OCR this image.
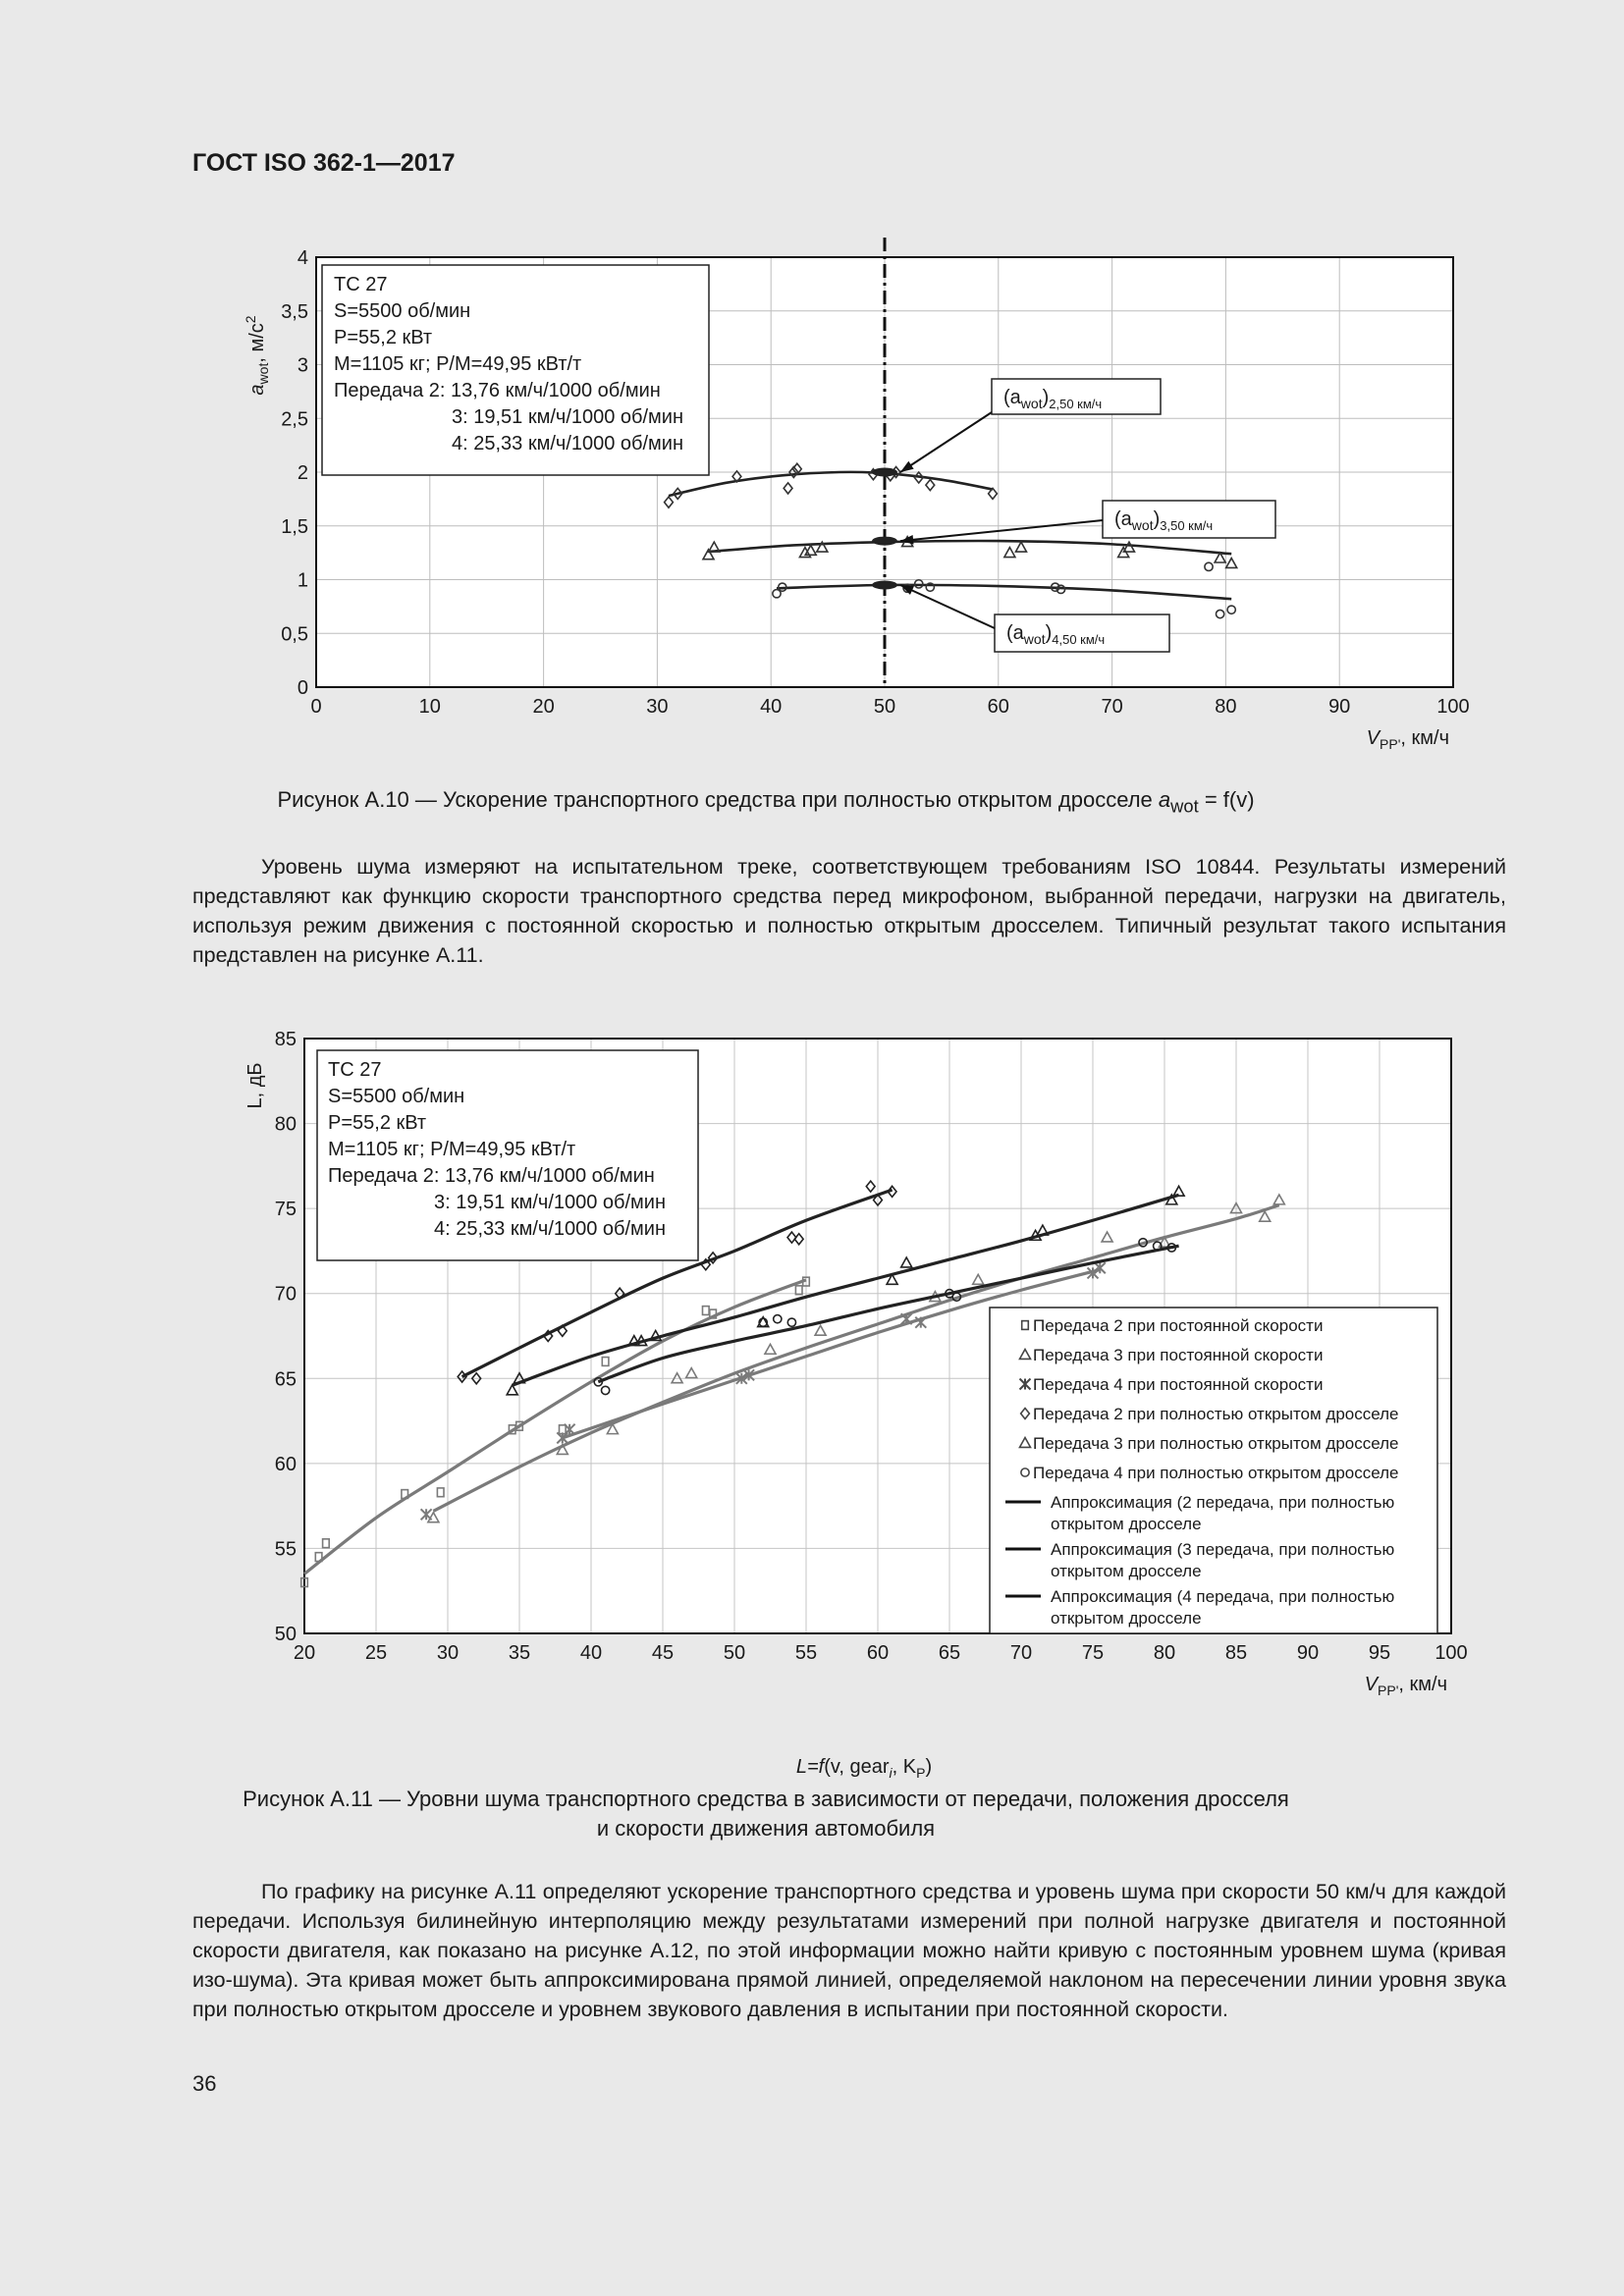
ГОСТ ISO 362-1—2017
0	10	20	30	40	50	60	70	80	90	100
0
0,5
1
1,5
2
2,5
3
3,5
4
$V_{PP'}$, км/ч
$a_{wot}$, $м/с^2$
ТС 27
S=5500 об/мин
P=55,2 кВт
M=1105 кг; P/M=49,95 кВт/т
Передача 2: 13,76 км/ч/1000 об/мин
3: 19,51 км/ч/1000 об/мин
4: 25,33 км/ч/1000 об/мин
$(a_{wot})_{2,50 км/ч}$
$(a_{wot})_{3,50 км/ч}$
$(a_{wot})_{4,50 км/ч}$
Рисунок А.10 — Ускорение транспортного средства при полностью открытом дросселе $a_{wot} = f(v)$
Уровень шума измеряют на испытательном треке, соответствующем требованиям ISO 10844. Результаты измерений представляют как функцию скорости транспортного средства перед микрофоном, выбранной передачи, нагрузки на двигатель, используя режим движения с постоянной скоростью и полностью открытым дросселем. Типичный результат такого испытания представлен на рисунке А.11.
20	25	30	35	40	45	50	55	60	65	70	75	80	85	90	95 100
50
55
60
65
70
75
80
85
$V_{PP'}$, км/ч
L, дБ
L=f(v, gear$_i$, $K_P$)
ТС 27
S=5500 об/мин
P=55,2 кВт
M=1105 кг; P/M=49,95 кВт/т
Передача 2: 13,76 км/ч/1000 об/мин
3: 19,51 км/ч/1000 об/мин
4: 25,33 км/ч/1000 об/мин
Передача 2 при постоянной скорости
Передача 3 при постоянной скорости
Передача 4 при постоянной скорости
Передача 2 при полностью открытом дросселе
Передача 3 при полностью открытом дросселе
Передача 4 при полностью открытом дросселе
Аппроксимация (2 передача, при полностью
открытом дросселе
Аппроксимация (3 передача, при полностью
открытом дросселе
Аппроксимация (4 передача, при полностью
открытом дросселе
Рисунок А.11 — Уровни шума транспортного средства в зависимости от передачи, положения дросселя
и скорости движения автомобиля
По графику на рисунке А.11 определяют ускорение транспортного средства и уровень шума при скорости 50 км/ч для каждой передачи. Используя билинейную интерполяцию между результатами измерений при полной нагрузке двигателя и постоянной скорости двигателя, как показано на рисунке А.12, по этой информации можно найти кривую с постоянным уровнем шума (кривая изо-шума). Эта кривая может быть аппроксимирована прямой линией, определяемой наклоном на пересечении линии уровня звука при полностью открытом дросселе и уровнем звукового давления в испытании при постоянной скорости.
36
